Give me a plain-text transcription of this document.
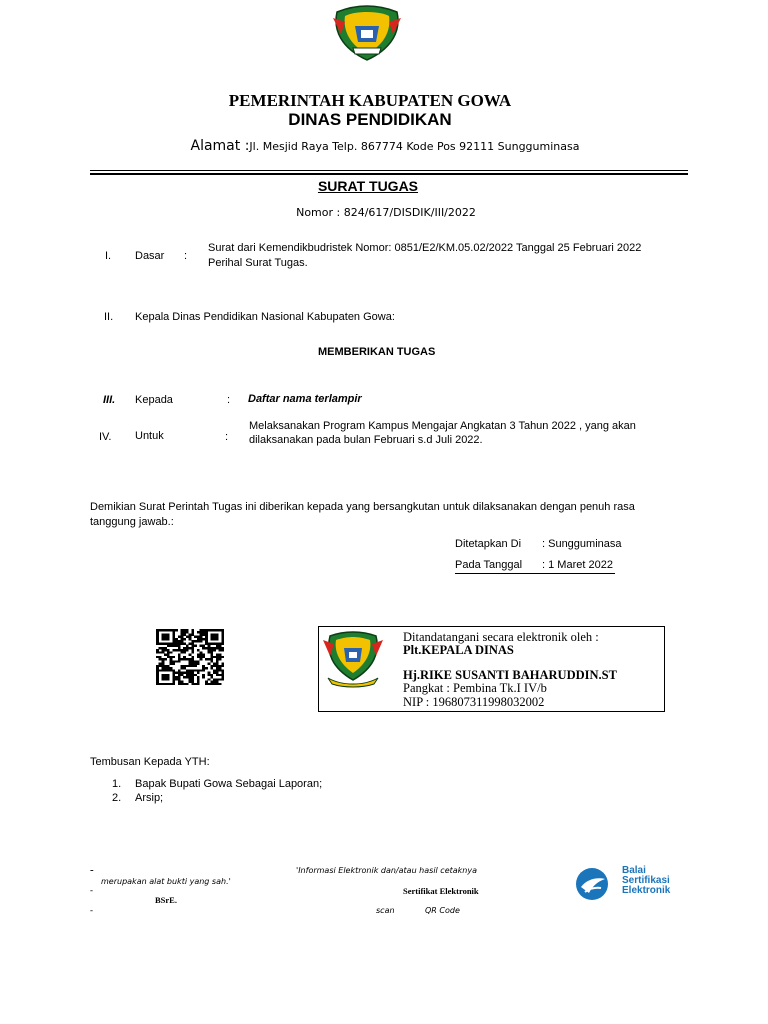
PEMERINTAH KABUPATEN GOWA
DINAS PENDIDIKAN
Alamat :Jl. Mesjid Raya Telp. 867774 Kode Pos 92111 Sungguminasa
SURAT TUGAS
Nomor : 824/617/DISDIK/III/2022
I. Dasar :
Surat dari Kemendikbudristek Nomor: 0851/E2/KM.05.02/2022 Tanggal 25 Februari 2022
Perihal Surat Tugas.
II. Kepala Dinas Pendidikan Nasional Kabupaten Gowa:
MEMBERIKAN TUGAS
III. Kepada	: Daftar nama terlampir
IV. Untuk	:
Melaksanakan Program Kampus Mengajar Angkatan 3 Tahun 2022 , yang akan
dilaksanakan pada bulan Februari s.d Juli 2022.
Demikian Surat Perintah Tugas ini diberikan kepada yang bersangkutan untuk dilaksanakan dengan penuh rasa
tanggung jawab.:
Ditetapkan Di : Sungguminasa
Pada Tanggal : 1 Maret 2022
Ditandatangani secara elektronik oleh :
Plt.KEPALA DINAS
Hj.RIKE SUSANTI BAHARUDDIN.ST
Pangkat : Pembina Tk.I IV/b
NIP : 196807311998032002
Tembusan Kepada YTH:
1. Bapak Bupati Gowa Sebagai Laporan;
2. Arsip;
-
-
-
'Informasi Elektronik dan/atau hasil cetaknya
merupakan alat bukti yang sah.'
Sertifikat Elektronik
BSrE.
scan	QR Code
Balai
Sertifikasi
Elektronik
